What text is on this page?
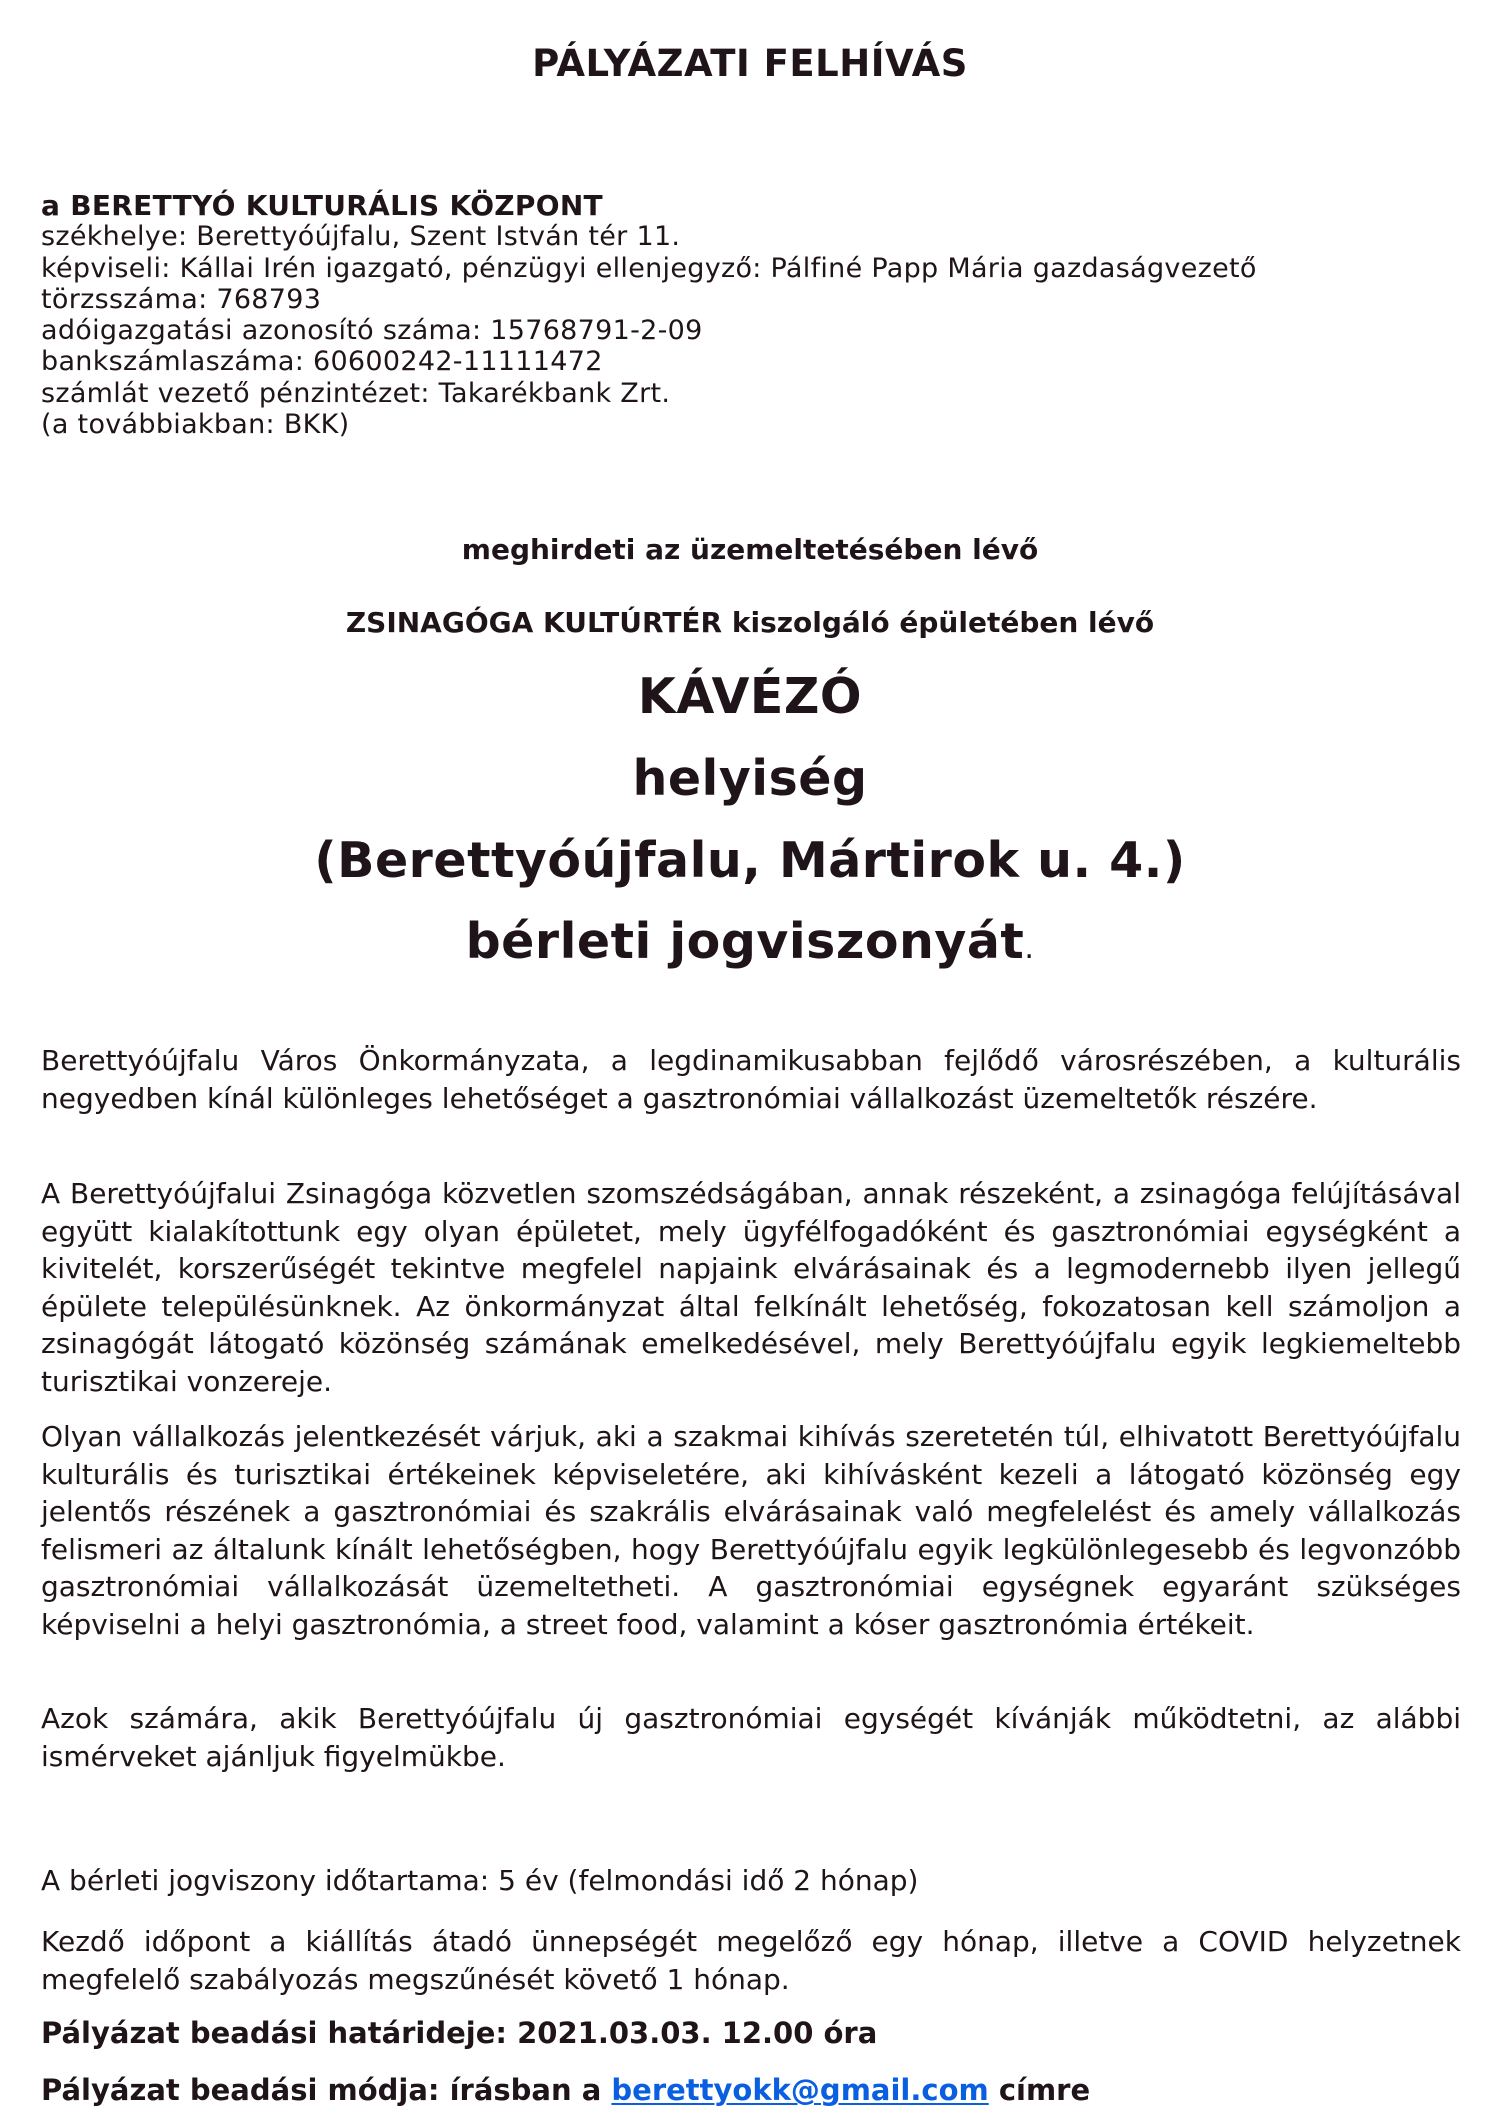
PÁLYÁZATI FELHÍVÁS
a BERETTYÓ KULTURÁLIS KÖZPONT
székhelye: Berettyóújfalu, Szent István tér 11.
képviseli: Kállai Irén igazgató, pénzügyi ellenjegyző: Pálfiné Papp Mária gazdaságvezető
törzsszáma: 768793
adóigazgatási azonosító száma: 15768791-2-09
bankszámlaszáma: 60600242-11111472
számlát vezető pénzintézet: Takarékbank Zrt.
(a továbbiakban: BKK)
meghirdeti az üzemeltetésében lévő
ZSINAGÓGA KULTÚRTÉR kiszolgáló épületében lévő
KÁVÉZÓ
helyiség
(Berettyóújfalu, Mártirok u. 4.)
bérleti jogviszonyát.

Berettyóújfalu Város Önkormányzata, a legdinamikusabban fejlődő városrészében, a kulturális negyedben kínál különleges lehetőséget a gasztronómiai vállalkozást üzemeltetők részére.

A Berettyóújfalui Zsinagóga közvetlen szomszédságában, annak részeként, a zsinagóga felújításával együtt kialakítottunk egy olyan épületet, mely ügyfélfogadóként és gasztronómiai egységként a kivitelét, korszerűségét tekintve megfelel napjaink elvárásainak és a legmodernebb ilyen jellegű épülete településünknek. Az önkormányzat által felkínált lehetőség, fokozatosan kell számoljon a zsinagógát látogató közönség számának emelkedésével, mely Berettyóújfalu egyik legkiemeltebb turisztikai vonzereje.

Olyan vállalkozás jelentkezését várjuk, aki a szakmai kihívás szeretetén túl, elhivatott Berettyóújfalu kulturális és turisztikai értékeinek képviseletére, aki kihívásként kezeli a látogató közönség egy jelentős részének a gasztronómiai és szakrális elvárásainak való megfelelést és amely vállalkozás felismeri az általunk kínált lehetőségben, hogy Berettyóújfalu egyik legkülönlegesebb és legvonzóbb gasztronómiai vállalkozását üzemeltetheti. A gasztronómiai egységnek egyaránt szükséges képviselni a helyi gasztronómia, a street food, valamint a kóser gasztronómia értékeit.

Azok számára, akik Berettyóújfalu új gasztronómiai egységét kívánják működtetni, az alábbi ismérveket ajánljuk figyelmükbe.

A bérleti jogviszony időtartama: 5 év (felmondási idő 2 hónap)

Kezdő időpont a kiállítás átadó ünnepségét megelőző egy hónap, illetve a COVID helyzetnek megfelelő szabályozás megszűnését követő 1 hónap.

Pályázat beadási határideje: 2021.03.03. 12.00 óra
Pályázat beadási módja: írásban a berettyokk@gmail.com címre
